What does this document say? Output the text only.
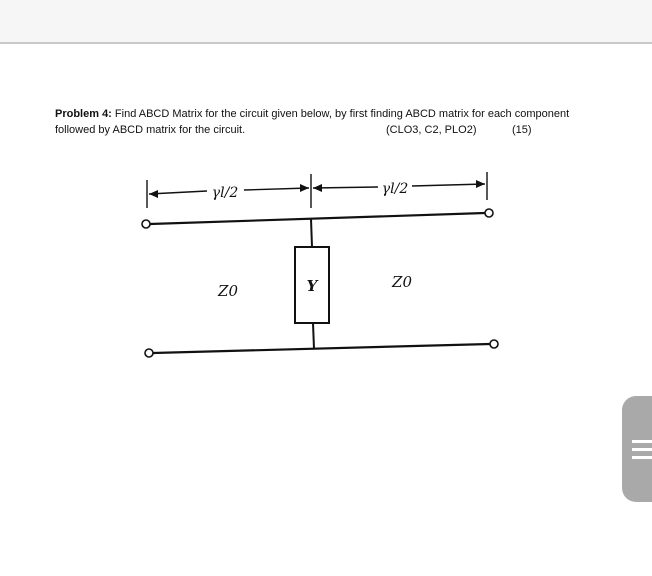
Problem 4: Find ABCD Matrix for the circuit given below, by first finding ABCD matrix for each component
followed by ABCD matrix for the circuit.	(CLO3, C2, PLO2)	(15)
γl/2	γl/2
Z0	Z0
Y
